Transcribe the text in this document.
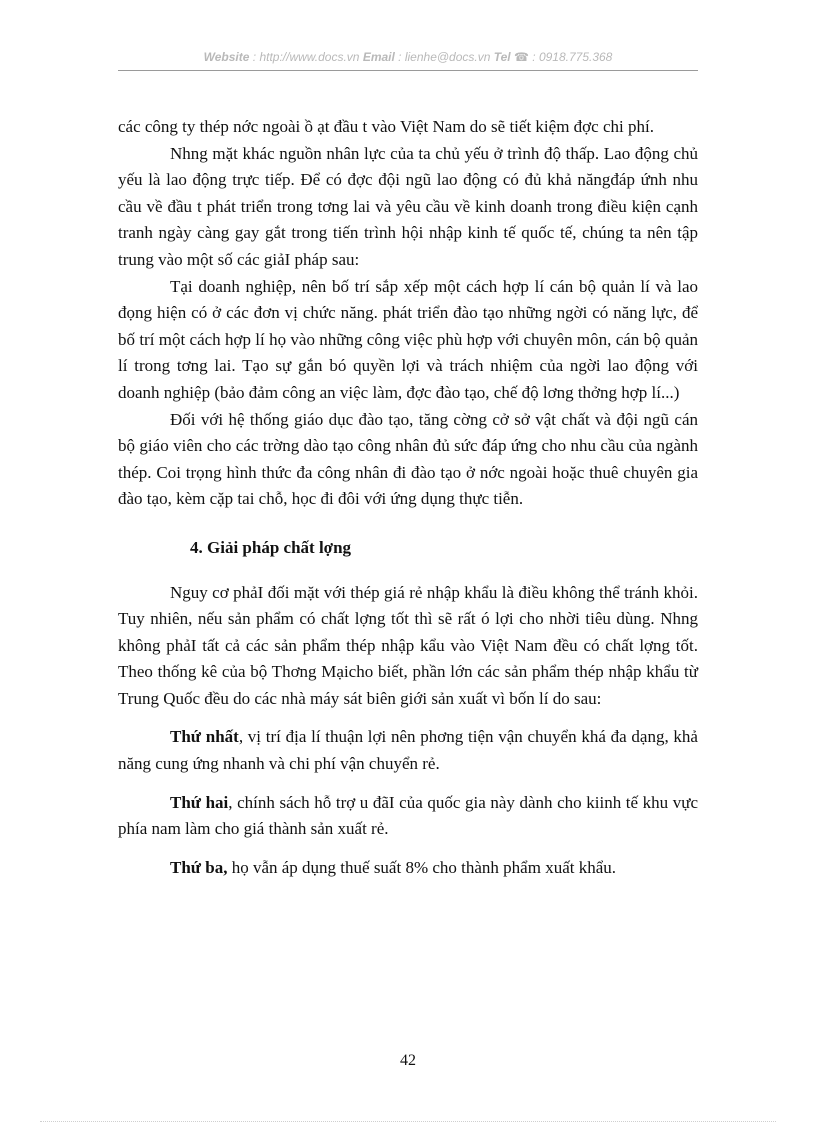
Website : http://www.docs.vn Email : lienhe@docs.vn Tel ☎ : 0918.775.368

các công ty thép nớc ngoài ồ ạt đầu t vào Việt Nam do sẽ tiết kiệm đợc chi phí.

Nhng mặt khác nguồn nhân lực của ta chủ yếu ở trình độ thấp. Lao động chủ yếu là lao động trực tiếp. Để có đợc đội ngũ lao động có đủ khả năngđáp ứnh nhu cầu về đầu t phát triển trong tơng lai và yêu cầu về kinh doanh trong điều kiện cạnh tranh ngày càng gay gắt trong tiến trình hội nhập kinh tế quốc tế, chúng ta nên tập trung vào một số các giảI pháp sau:

Tại doanh nghiệp, nên bố trí sắp xếp một cách hợp lí cán bộ quản lí và lao đọng hiện có ở các đơn vị chức năng. phát triển đào tạo những ngời có năng lực, để bố trí một cách hợp lí họ vào những công việc phù hợp với chuyên môn, cán bộ quản lí trong tơng lai. Tạo sự gắn bó quyền lợi và trách nhiệm của ngời lao động với doanh nghiệp (bảo đảm công an việc làm, đợc đào tạo, chế độ lơng thởng hợp lí...)

Đối với hệ thống giáo dục đào tạo, tăng cờng cở sở vật chất và đội ngũ cán bộ giáo viên cho các trờng dào tạo công nhân đủ sức đáp ứng cho nhu cầu của ngành thép. Coi trọng hình thức đa công nhân đi đào tạo ở nớc ngoài hoặc thuê chuyên gia đào tạo, kèm cặp tai chỗ, học đi đôi với ứng dụng thực tiễn.

4. Giải pháp chất lợng

Nguy cơ phảI đối mặt với thép giá rẻ nhập khẩu là điều không thể tránh khỏi. Tuy nhiên, nếu sản phẩm có chất lợng tốt thì sẽ rất ó lợi cho nhời tiêu dùng. Nhng không phảI tất cả các sản phẩm thép nhập kẩu vào Việt Nam đều có chất lợng tốt. Theo thống kê của bộ Thơng Mạicho biết, phần lớn các sản phẩm thép nhập khẩu từ Trung Quốc đều do các nhà máy sát biên giới sản xuất vì bốn lí do sau:

Thứ nhất, vị trí địa lí thuận lợi nên phơng tiện vận chuyển khá đa dạng, khả năng cung ứng nhanh và chi phí vận chuyển rẻ.

Thứ hai, chính sách hỗ trợ u đãI của quốc gia này dành cho kiinh tế khu vực phía nam làm cho giá thành sản xuất rẻ.

Thứ ba, họ vẫn áp dụng thuế suất 8% cho thành phẩm xuất khẩu.

42
